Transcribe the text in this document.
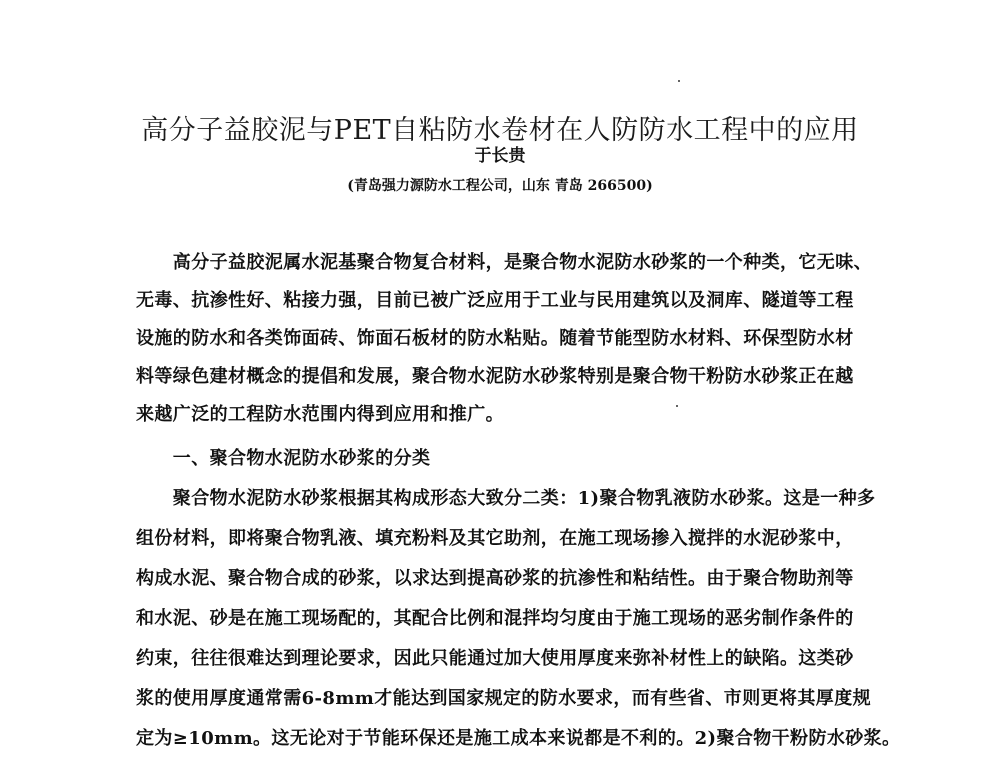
高分子益胶泥与PET自粘防水卷材在人防防水工程中的应用
于长贵
(青岛强力源防水工程公司，山东 青岛 266500)
　　高分子益胶泥属水泥基聚合物复合材料，是聚合物水泥防水砂浆的一个种类，它无味、
无毒、抗渗性好、粘接力强，目前已被广泛应用于工业与民用建筑以及洞库、隧道等工程
设施的防水和各类饰面砖、饰面石板材的防水粘贴。随着节能型防水材料、环保型防水材
料等绿色建材概念的提倡和发展，聚合物水泥防水砂浆特别是聚合物干粉防水砂浆正在越
来越广泛的工程防水范围内得到应用和推广。
　　一、聚合物水泥防水砂浆的分类
　　聚合物水泥防水砂浆根据其构成形态大致分二类：1)聚合物乳液防水砂浆。这是一种多
组份材料，即将聚合物乳液、填充粉料及其它助剂，在施工现场掺入搅拌的水泥砂浆中，
构成水泥、聚合物合成的砂浆，以求达到提高砂浆的抗渗性和粘结性。由于聚合物助剂等
和水泥、砂是在施工现场配的，其配合比例和混拌均匀度由于施工现场的恶劣制作条件的
约束，往往很难达到理论要求，因此只能通过加大使用厚度来弥补材性上的缺陷。这类砂
浆的使用厚度通常需6-8mm才能达到国家规定的防水要求，而有些省、市则更将其厚度规
定为≥10mm。这无论对于节能环保还是施工成本来说都是不利的。2)聚合物干粉防水砂浆。
